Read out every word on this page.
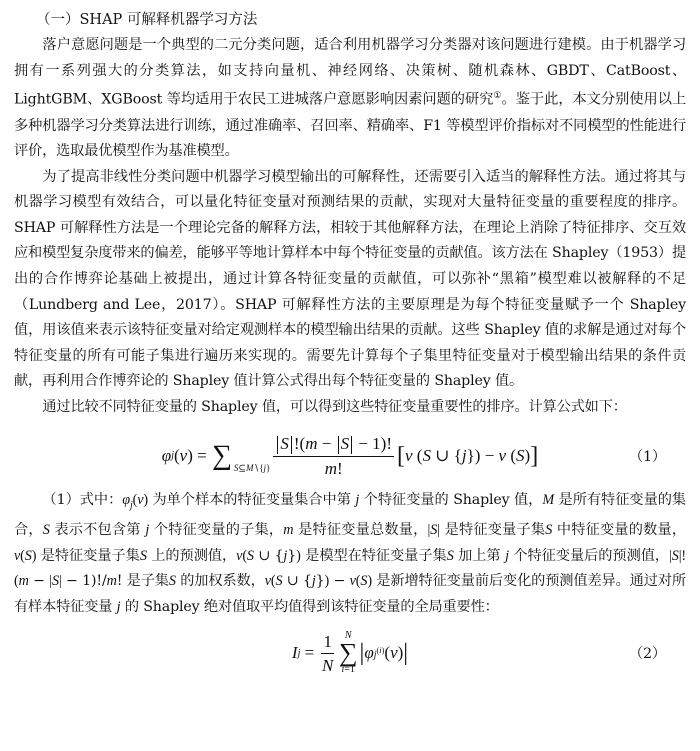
（一）SHAP 可解释机器学习方法

落户意愿问题是一个典型的二元分类问题，适合利用机器学习分类器对该问题进行建模。由于机器学习拥有一系列强大的分类算法，如支持向量机、神经网络、决策树、随机森林、GBDT、CatBoost、LightGBM、XGBoost 等均适用于农民工进城落户意愿影响因素问题的研究①。鉴于此，本文分别使用以上多种机器学习分类算法进行训练，通过准确率、召回率、精确率、F1 等模型评价指标对不同模型的性能进行评价，选取最优模型作为基准模型。

为了提高非线性分类问题中机器学习模型输出的可解释性，还需要引入适当的解释性方法。通过将其与机器学习模型有效结合，可以量化特征变量对预测结果的贡献，实现对大量特征变量的重要程度的排序。SHAP 可解释性方法是一个理论完备的解释方法，相较于其他解释方法，在理论上消除了特征排序、交互效应和模型复杂度带来的偏差，能够平等地计算样本中每个特征变量的贡献值。该方法在 Shapley（1953）提出的合作博弈论基础上被提出，通过计算各特征变量的贡献值，可以弥补“黑箱”模型难以被解释的不足（Lundberg and Lee，2017）。SHAP 可解释性方法的主要原理是为每个特征变量赋予一个 Shapley 值，用该值来表示该特征变量对给定观测样本的模型输出结果的贡献。这些 Shapley 值的求解是通过对每个特征变量的所有可能子集进行遍历来实现的。需要先计算每个子集里特征变量对于模型输出结果的条件贡献，再利用合作博弈论的 Shapley 值计算公式得出每个特征变量的 Shapley 值。

通过比较不同特征变量的 Shapley 值，可以得到这些特征变量重要性的排序。计算公式如下：

φ j ( v ) = ∑ S⊆M∖{j} $\frac{S !(m - S - 1)!}{m!}$ [ v ( S ∪ { j } ) − v ( S ) ]	（1）

（1）式中：$\varphi_j(v)$ 为单个样本的特征变量集合中第 j 个特征变量的 Shapley 值，M 是所有特征变量的集合，S 表示不包含第 j 个特征变量的子集，m 是特征变量总数量，|S| 是特征变量子集S 中特征变量的数量，v(S) 是特征变量子集S 上的预测值，v(S ∪ {j}) 是模型在特征变量子集S 加上第 j 个特征变量后的预测值，|S|!(m − |S| − 1)!/m! 是子集S 的加权系数，v(S ∪ {j}) − v(S) 是新增特征变量前后变化的预测值差异。通过对所有样本特征变量 j 的 Shapley 绝对值取平均值得到该特征变量的全局重要性：

I $j = \frac{1}{N}$ N
∑
i=1
| φ $j^{(i)}$ ( v ) |	（2）
